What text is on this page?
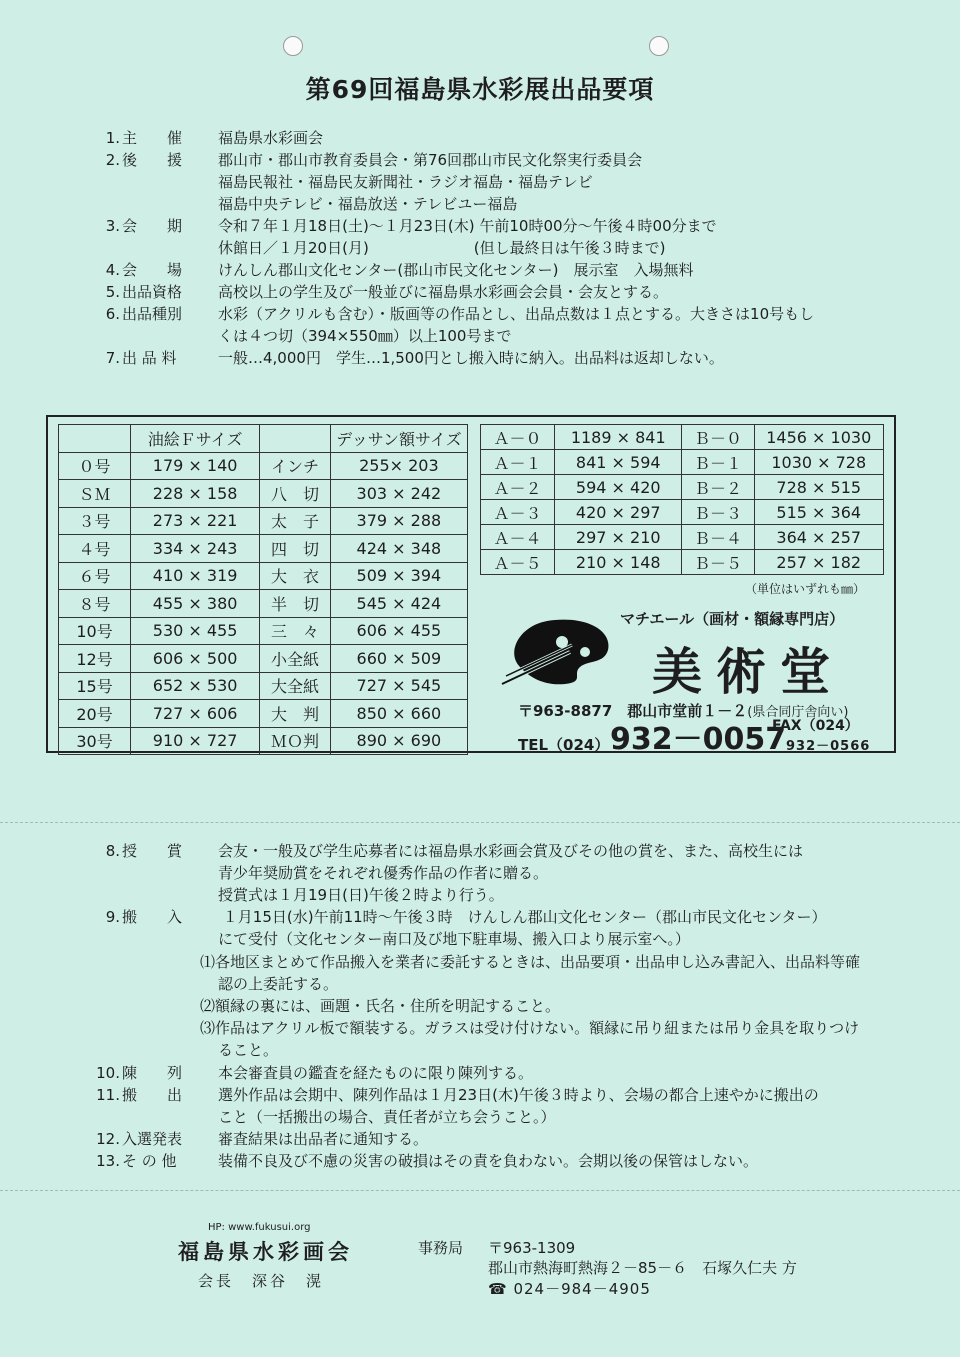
第69回福島県水彩展出品要項
1. 主　　催	福島県水彩画会
2. 後　　援	郡山市・郡山市教育委員会・第76回郡山市民文化祭実行委員会
福島民報社・福島民友新聞社・ラジオ福島・福島テレビ
福島中央テレビ・福島放送・テレビユー福島
3. 会　　期	令和７年１月18日(土)～１月23日(木) 午前10時00分～午後４時00分まで
休館日／１月20日(月)　　　　　　　(但し最終日は午後３時まで)
4. 会　　場	けんしん郡山文化センター(郡山市民文化センター)　展示室　入場無料
5. 出品資格	高校以上の学生及び一般並びに福島県水彩画会会員・会友とする。
6. 出品種別	水彩（アクリルも含む）・版画等の作品とし、出品点数は１点とする。大きさは10号もし
くは４つ切（394×550㎜）以上100号まで
7. 出 品 料	一般…4,000円　学生…1,500円とし搬入時に納入。出品料は返却しない。
	油絵Ｆサイズ		デッサン額サイズ
０号	179 × 140	インチ	255× 203
ＳＭ	228 × 158	八　切	303 × 242
３号	273 × 221	太　子	379 × 288
４号	334 × 243	四　切	424 × 348
６号	410 × 319	大　衣	509 × 394
８号	455 × 380	半　切	545 × 424
10号	530 × 455	三　々	606 × 455
12号	606 × 500	小全紙	660 × 509
15号	652 × 530	大全紙	727 × 545
20号	727 × 606	大　判	850 × 660
30号	910 × 727	ＭＯ判	890 × 690
Ａ－０	1189 × 841	Ｂ－０	1456 × 1030
Ａ－１	841 × 594	Ｂ－１	1030 × 728
Ａ－２	594 × 420	Ｂ－２	728 × 515
Ａ－３	420 × 297	Ｂ－３	515 × 364
Ａ－４	297 × 210	Ｂ－４	364 × 257
Ａ－５	210 × 148	Ｂ－５	257 × 182
（単位はいずれも㎜）
マチエール（画材・額縁専門店）
美術堂
〒963-8877　郡山市堂前１－２(県合同庁舎向い)
TEL（024） 932－0057
FAX（024）
932－0566
8. 授　　賞	会友・一般及び学生応募者には福島県水彩画会賞及びその他の賞を、また、高校生には
青少年奨励賞をそれぞれ優秀作品の作者に贈る。
授賞式は１月19日(日)午後２時より行う。
9. 搬　　入	１月15日(水)午前11時～午後３時　けんしん郡山文化センター（郡山市民文化センター）
にて受付（文化センター南口及び地下駐車場、搬入口より展示室へ。）
⑴各地区まとめて作品搬入を業者に委託するときは、出品要項・出品申し込み書記入、出品料等確認の上委託する。
⑵額縁の裏には、画題・氏名・住所を明記すること。
⑶作品はアクリル板で額装する。ガラスは受け付けない。額縁に吊り紐または吊り金具を取りつけること。
10. 陳　　列	本会審査員の鑑査を経たものに限り陳列する。
11. 搬　　出	選外作品は会期中、陳列作品は１月23日(木)午後３時より、会場の都合上速やかに搬出の
こと（一括搬出の場合、責任者が立ち会うこと。）
12. 入選発表	審査結果は出品者に通知する。
13. そ の 他	装備不良及び不慮の災害の破損はその責を負わない。会期以後の保管はしない。
HP: www.fukusui.org
福島県水彩画会
会長　深谷　滉
事務局 〒963-1309
郡山市熱海町熱海２－85－６　石塚久仁夫 方
☎ 024－984－4905
